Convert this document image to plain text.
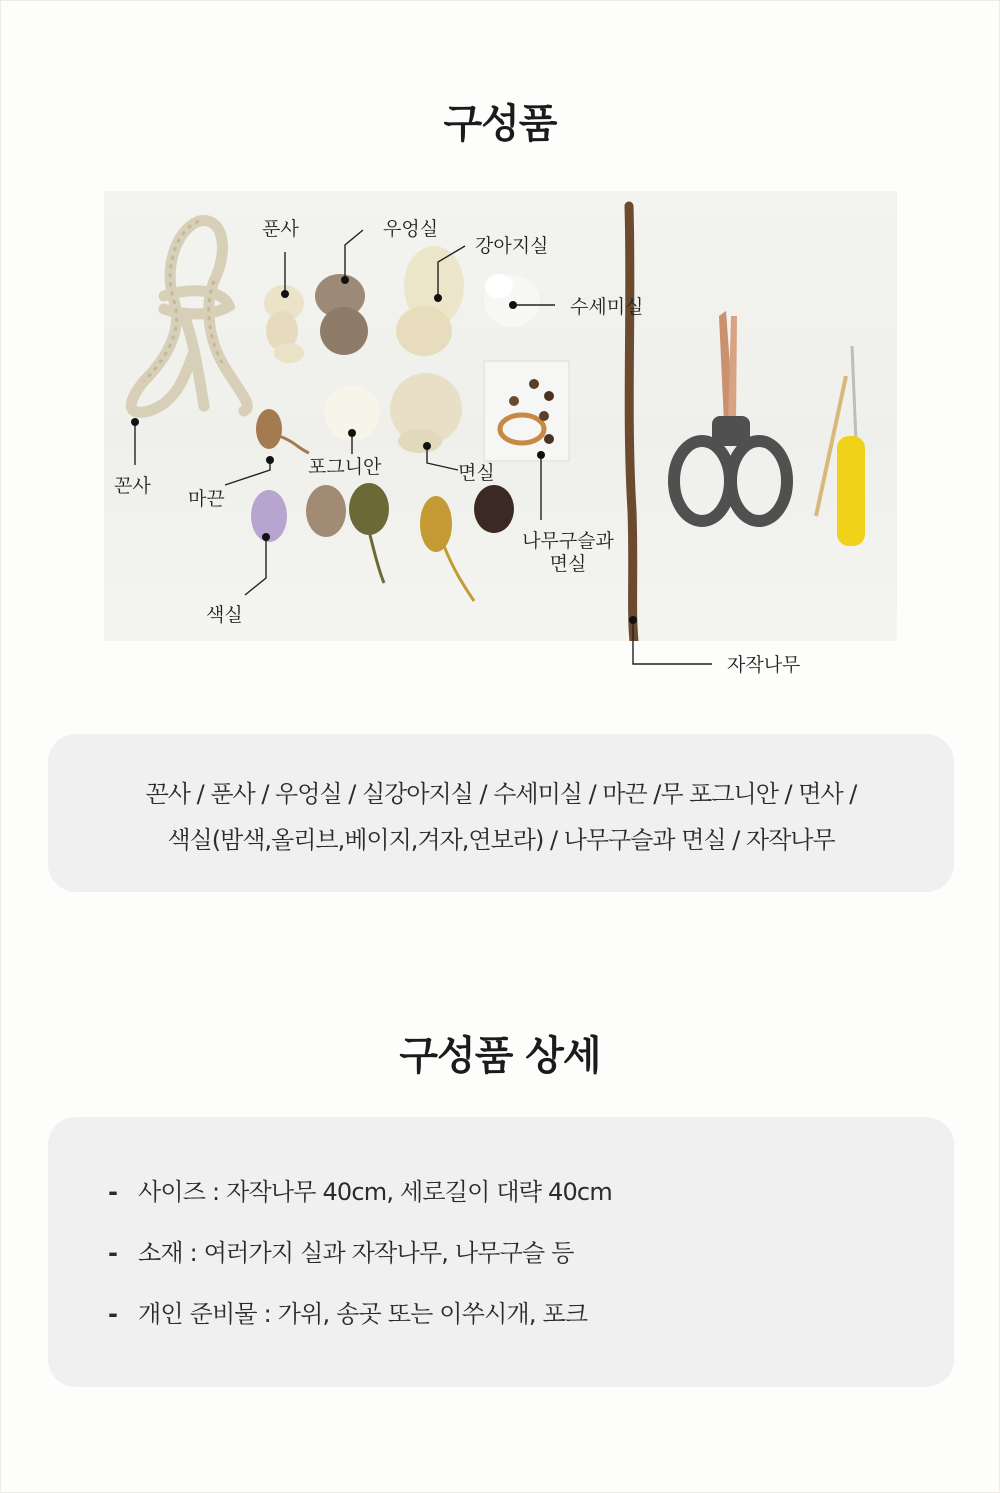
구성품
꼰사
푼사	우엉실
강아지실
수세미실
마끈
포그니안	면실
나무구슬과
면실
색실
자작나무
꼰사 / 푼사 / 우엉실 / 실강아지실 / 수세미실 / 마끈 /무 포그니안 / 면사 /
색실(밤색,올리브,베이지,겨자,연보라) / 나무구슬과 면실 / 자작나무
구성품 상세
- 사이즈 : 자작나무 40cm, 세로길이 대략 40cm
- 소재 : 여러가지 실과 자작나무, 나무구슬 등
- 개인 준비물 : 가위, 송곳 또는 이쑤시개, 포크
